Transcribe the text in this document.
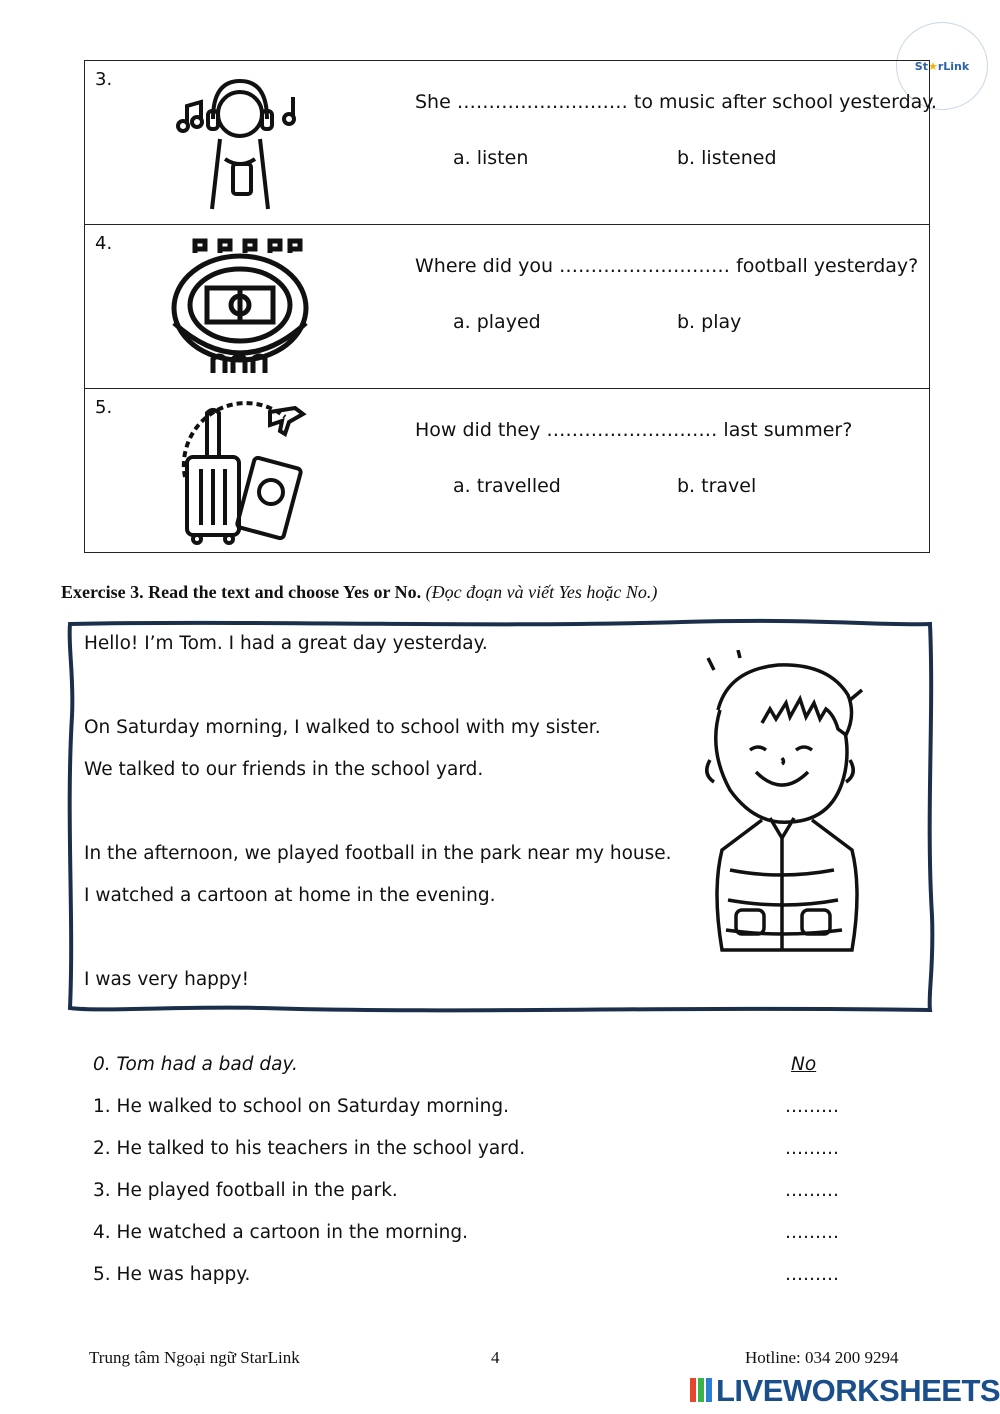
St ★ rLink
3.
She ……………………… to music after school yesterday.
a. listen	b. listened

4.
Where did you ……………………… football yesterday?
a. played	b. play

5.
How did they ……………………… last summer?
a. travelled	b. travel
Exercise 3. Read the text and choose Yes or No. (Đọc đoạn và viết Yes hoặc No.)
Hello! I’m Tom. I had a great day yesterday.
On Saturday morning, I walked to school with my sister.
We talked to our friends in the school yard.
In the afternoon, we played football in the park near my house.
I watched a cartoon at home in the evening.
I was very happy!
0. Tom had a bad day.	No
1. He walked to school on Saturday morning.	………
2. He talked to his teachers in the school yard.	………
3. He played football in the park.	………
4. He watched a cartoon in the morning.	………
5. He was happy.	………
Trung tâm Ngoại ngữ StarLink	4	Hotline: 034 200 9294
LIVEWORKSHEETS
